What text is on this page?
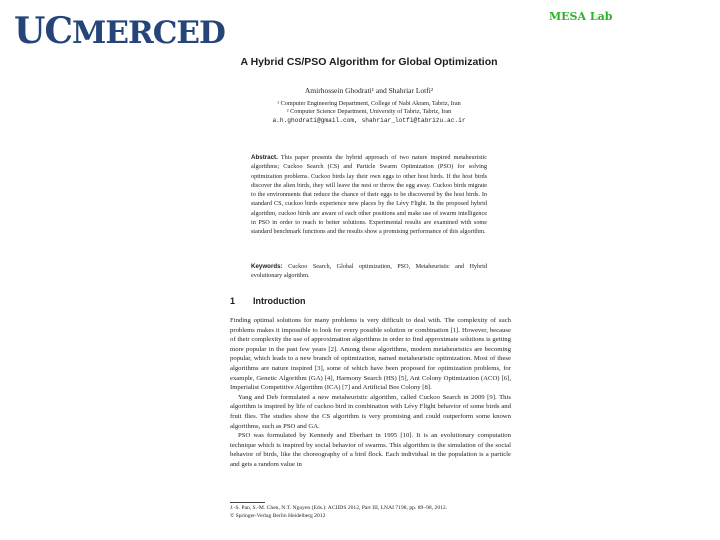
UC MERCED	MESA Lab
A Hybrid CS/PSO Algorithm for Global Optimization
Amirhossein Ghodrati¹ and Shahriar Lotfi²
¹ Computer Engineering Department, College of Nabi Akram, Tabriz, Iran
² Computer Science Department, University of Tabriz, Tabriz, Iran
a.h.ghodrati@gmail.com, shahriar_lotfi@tabrizu.ac.ir

Abstract. This paper presents the hybrid approach of two nature inspired metaheuristic algorithms; Cuckoo Search (CS) and Particle Swarm Optimization (PSO) for solving optimization problems. Cuckoo birds lay their own eggs to other host birds. If the host birds discover the alien birds, they will leave the nest or throw the egg away. Cuckoo birds migrate to the environments that reduce the chance of their eggs to be discovered by the host birds. In standard CS, cuckoo birds experience new places by the Lévy Flight. In the proposed hybrid algorithm, cuckoo birds are aware of each other positions and make use of swarm intelligence in PSO in order to reach to better solutions. Experimental results are examined with some standard benchmark functions and the results show a promising performance of this algorithm.

Keywords: Cuckoo Search, Global optimization, PSO, Metaheuristic and Hybrid evolutionary algorithm.

1 Introduction

Finding optimal solutions for many problems is very difficult to deal with. The complexity of such problems makes it impossible to look for every possible solution or combination [1]. However, because of their complexity the use of approximation algorithms in order to find approximate solutions is getting more popular in the past few years [2]. Among these algorithms, modern metaheuristics are becoming popular, which leads to a new branch of optimization, named metaheuristic optimization. Most of these algorithms are nature inspired [3], some of which have been proposed for optimization problems, for example, Genetic Algorithm (GA) [4], Harmony Search (HS) [5], Ant Colony Optimization (ACO) [6], Imperialist Competitive Algorithm (ICA) [7] and Artificial Bee Colony [8].

Yang and Deb formulated a new metaheuristic algorithm, called Cuckoo Search in 2009 [9]. This algorithm is inspired by life of cuckoo bird in combination with Lévy Flight behavior of some birds and fruit flies. The studies show the CS algorithm is very promising and could outperform some known algorithms, such as PSO and GA.

PSO was formulated by Kennedy and Eberhart in 1995 [10]. It is an evolutionary computation technique which is inspired by social behavior of swarms. This algorithm is the simulation of the social behavior of birds, like the choreography of a bird flock. Each individual in the population is a particle and gets a random value in

J.-S. Pan, S.-M. Chen, N.T. Nguyen (Eds.): ACIIDS 2012, Part III, LNAI 7198, pp. 89–98, 2012.

© Springer-Verlag Berlin Heidelberg 2012
